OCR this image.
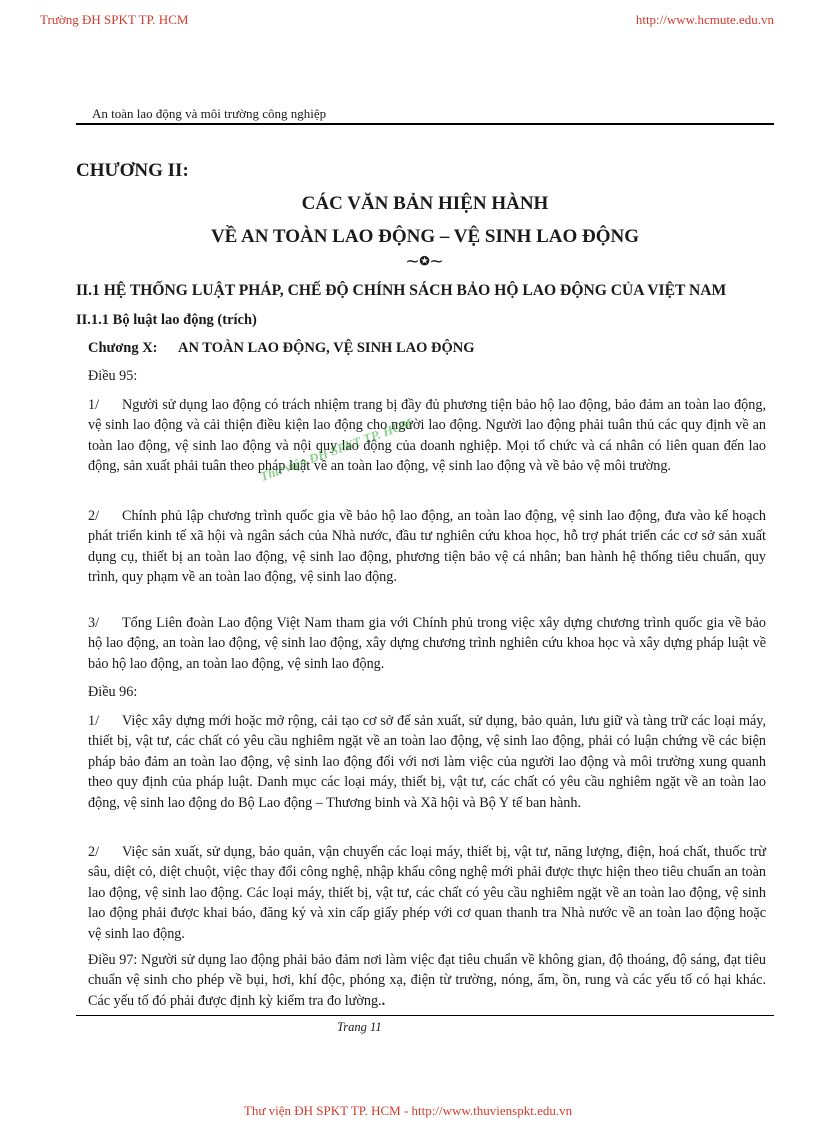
Trường ĐH SPKT TP. HCM	http://www.hcmute.edu.vn
An toàn lao động và môi trường công nghiệp
CHƯƠNG II:
CÁC VĂN BẢN HIỆN HÀNH
VỀ AN TOÀN LAO ĐỘNG – VỆ SINH LAO ĐỘNG
⁓✪⁓
II.1 HỆ THỐNG LUẬT PHÁP, CHẾ ĐỘ CHÍNH SÁCH BẢO HỘ LAO ĐỘNG CỦA VIỆT NAM
II.1.1 Bộ luật lao động (trích)
Chương X: AN TOÀN LAO ĐỘNG, VỆ SINH LAO ĐỘNG
Điều 95:

1/ Người sử dụng lao động có trách nhiệm trang bị đầy đủ phương tiện bảo hộ lao động, bảo đảm an toàn lao động, vệ sinh lao động và cải thiện điều kiện lao động cho người lao động. Người lao động phải tuân thủ các quy định về an toàn lao động, vệ sinh lao động và nội quy lao động của doanh nghiệp. Mọi tổ chức và cá nhân có liên quan đến lao động, sản xuất phải tuân theo pháp luật về an toàn lao động, vệ sinh lao động và về bảo vệ môi trường.

2/ Chính phủ lập chương trình quốc gia về bảo hộ lao động, an toàn lao động, vệ sinh lao động, đưa vào kế hoạch phát triển kinh tế xã hội và ngân sách của Nhà nước, đầu tư nghiên cứu khoa học, hỗ trợ phát triển các cơ sở sản xuất dụng cụ, thiết bị an toàn lao động, vệ sinh lao động, phương tiện bảo vệ cá nhân; ban hành hệ thống tiêu chuẩn, quy trình, quy phạm về an toàn lao động, vệ sinh lao động.

3/ Tổng Liên đoàn Lao động Việt Nam tham gia với Chính phủ trong việc xây dựng chương trình quốc gia về bảo hộ lao động, an toàn lao động, vệ sinh lao động, xây dựng chương trình nghiên cứu khoa học và xây dựng pháp luật về bảo hộ lao động, an toàn lao động, vệ sinh lao động.

Điều 96:

1/ Việc xây dựng mới hoặc mở rộng, cải tạo cơ sở để sản xuất, sử dụng, bảo quản, lưu giữ và tàng trữ các loại máy, thiết bị, vật tư, các chất có yêu cầu nghiêm ngặt về an toàn lao động, vệ sinh lao động, phải có luận chứng về các biện pháp bảo đảm an toàn lao động, vệ sinh lao động đối với nơi làm việc của người lao động và môi trường xung quanh theo quy định của pháp luật. Danh mục các loại máy, thiết bị, vật tư, các chất có yêu cầu nghiêm ngặt về an toàn lao động, vệ sinh lao động do Bộ Lao động – Thương binh và Xã hội và Bộ Y tế ban hành.

2/ Việc sản xuất, sử dụng, bảo quản, vận chuyển các loại máy, thiết bị, vật tư, năng lượng, điện, hoá chất, thuốc trừ sâu, diệt cỏ, diệt chuột, việc thay đổi công nghệ, nhập khẩu công nghệ mới phải được thực hiện theo tiêu chuẩn an toàn lao động, vệ sinh lao động. Các loại máy, thiết bị, vật tư, các chất có yêu cầu nghiêm ngặt về an toàn lao động, vệ sinh lao động phải được khai báo, đăng ký và xin cấp giấy phép với cơ quan thanh tra Nhà nước về an toàn lao động hoặc vệ sinh lao động.

Điều 97: Người sử dụng lao động phải bảo đảm nơi làm việc đạt tiêu chuẩn về không gian, độ thoáng, độ sáng, đạt tiêu chuẩn vệ sinh cho phép về bụi, hơi, khí độc, phóng xạ, điện từ trường, nóng, ẩm, ồn, rung và các yếu tố có hại khác. Các yếu tố đó phải được định kỳ kiểm tra đo lường..

Thư viện ĐH SPKT TP. HCM
Trang 11
Thư viện ĐH SPKT TP. HCM - http://www.thuvienspkt.edu.vn
